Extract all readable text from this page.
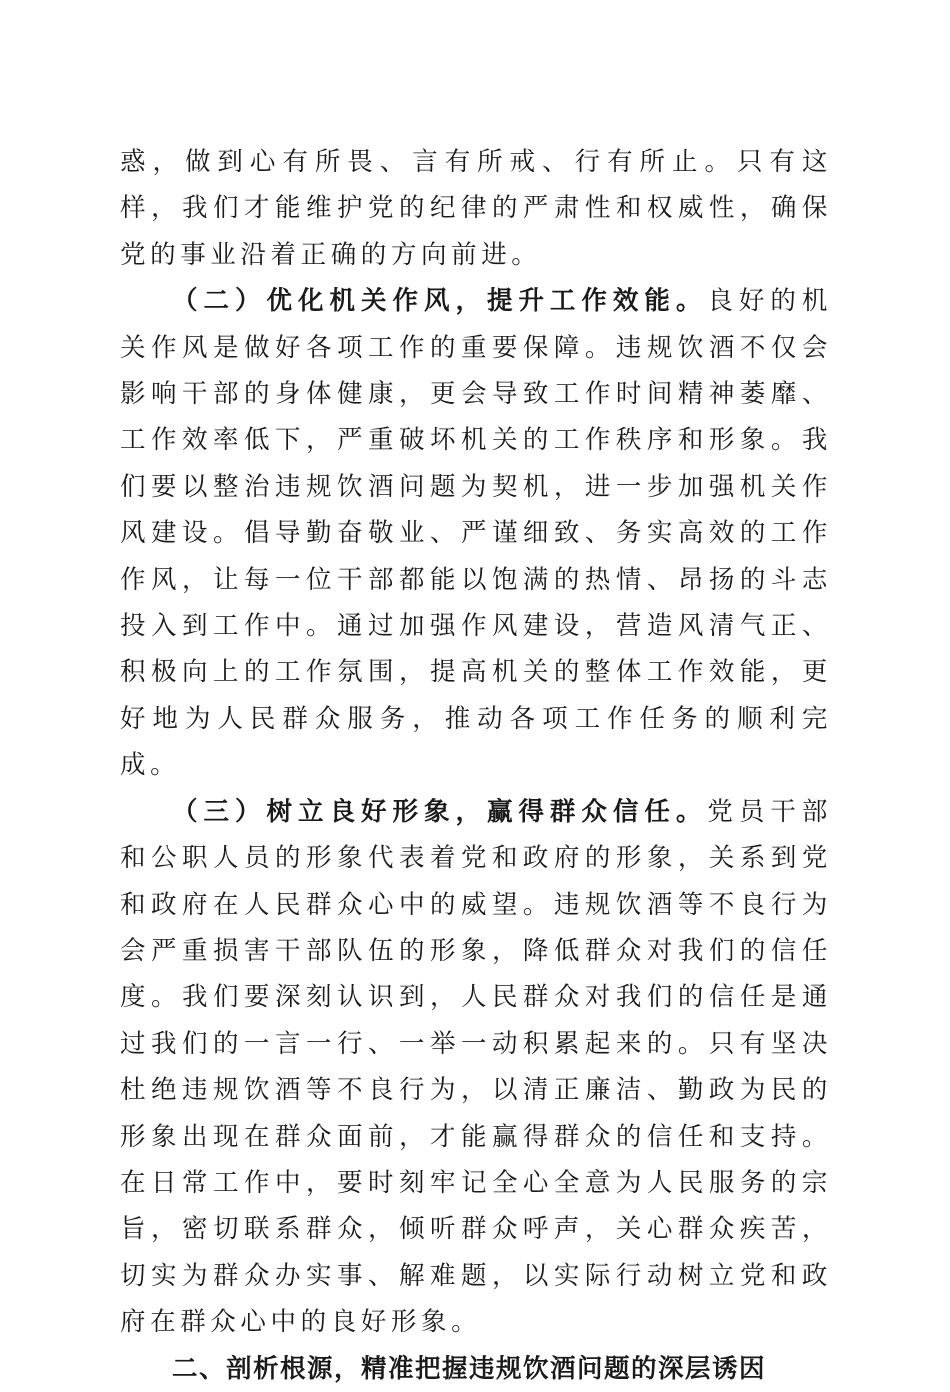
惑，做到心有所畏、言有所戒、行有所止。只有这样，我们才能维护党的纪律的严肃性和权威性，确保党的事业沿着正确的方向前进。

（二）优化机关作风，提升工作效能。良好的机关作风是做好各项工作的重要保障。违规饮酒不仅会影响干部的身体健康，更会导致工作时间精神萎靡、工作效率低下，严重破坏机关的工作秩序和形象。我们要以整治违规饮酒问题为契机，进一步加强机关作风建设。倡导勤奋敬业、严谨细致、务实高效的工作作风，让每一位干部都能以饱满的热情、昂扬的斗志投入到工作中。通过加强作风建设，营造风清气正、积极向上的工作氛围，提高机关的整体工作效能，更好地为人民群众服务，推动各项工作任务的顺利完成。

（三）树立良好形象，赢得群众信任。党员干部和公职人员的形象代表着党和政府的形象，关系到党和政府在人民群众心中的威望。违规饮酒等不良行为会严重损害干部队伍的形象，降低群众对我们的信任度。我们要深刻认识到，人民群众对我们的信任是通过我们的一言一行、一举一动积累起来的。只有坚决杜绝违规饮酒等不良行为，以清正廉洁、勤政为民的形象出现在群众面前，才能赢得群众的信任和支持。在日常工作中，要时刻牢记全心全意为人民服务的宗旨，密切联系群众，倾听群众呼声，关心群众疾苦，切实为群众办实事、解难题，以实际行动树立党和政府在群众心中的良好形象。

二、剖析根源，精准把握违规饮酒问题的深层诱因
